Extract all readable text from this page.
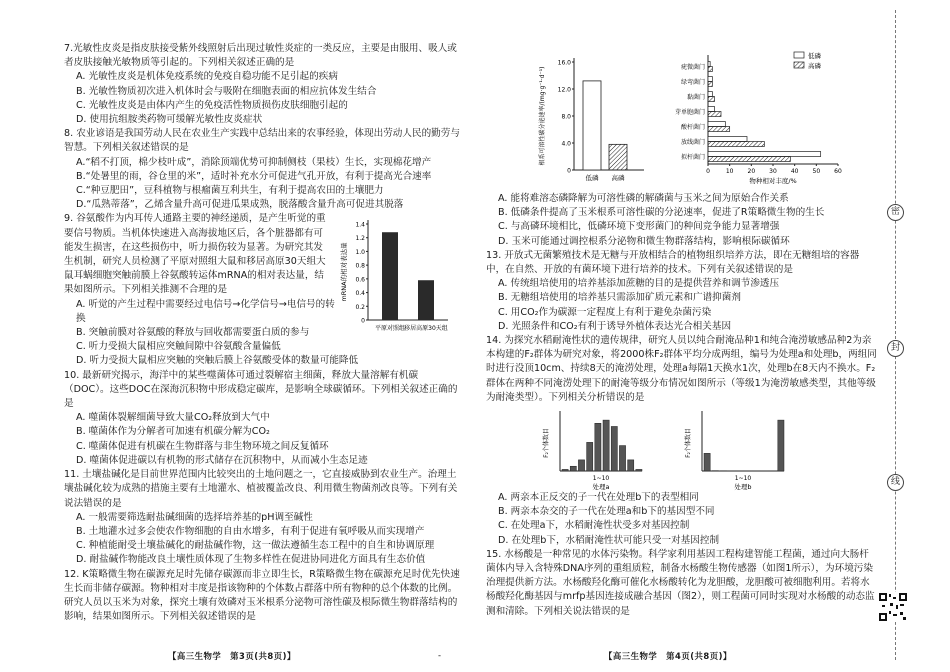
7.光敏性皮炎是指皮肤接受紫外线照射后出现过敏性炎症的一类反应，主要是由服用、吸人或者皮肤接触光敏物质等引起的。下列相关叙述正确的是

A. 光敏性皮炎是机体免疫系统的免疫自稳功能不足引起的疾病

B. 光敏性物质初次进入机体时会与吸附在细胞表面的相应抗体发生结合

C. 光敏性皮炎是由体内产生的免疫活性物质损伤皮肤细胞引起的

D. 使用抗组胺类药物可缓解光敏性皮炎症状

8. 农业谚语是我国劳动人民在农业生产实践中总结出来的农事经验，体现出劳动人民的勤劳与智慧。下列相关叙述错误的是

A.“稻不打顶，棉少枝叶成”，消除顶端优势可抑制侧枝（果枝）生长，实现棉花增产

B.“处暑里的雨，谷仓里的米”，适时补充水分可促进气孔开放，有利于提高光合速率

C.“种豆肥田”，豆科植物与根瘤菌互利共生，有利于提高农田的土壤肥力

D.“瓜熟蒂落”，乙烯含量升高可促进瓜果成熟，脱落酸含量升高可促进其脱落

9. 谷氨酸作为内耳传人通路主要的神经递质，是产生听觉的重要信号物质。当机体快速进入高海拔地区后，各个脏器都有可能发生损害，在这些损伤中，听力损伤较为显著。为研究其发生机制，研究人员检测了平原对照组大鼠和移居高原30天组大鼠耳蜗细胞突触前膜上谷氨酸转运体mRNA的相对表达量，结果如图所示。下列相关推测不合理的是

0
0.2
0.4
0.6
0.8
1.0
1.2
1.4
mRNA的相对表达量
平原对照组 移居高原30天组

A. 听觉的产生过程中需要经过电信号→化学信号→电信号的转换

B. 突触前膜对谷氨酸的释放与回收都需要蛋白质的参与

C. 听力受损大鼠相应突触间隙中谷氨酸含量偏低

D. 听力受损大鼠相应突触的突触后膜上谷氨酸受体的数量可能降低

10. 最新研究揭示，海洋中的某些噬菌体可通过裂解宿主细菌，释放大量溶解有机碳（DOC）。这些DOC在深海沉积物中形成稳定碳库，是影响全球碳循环。下列相关叙述正确的是

A. 噬菌体裂解细菌导致大量CO₂释放到大气中

B. 噬菌体作为分解者可加速有机碳分解为CO₂

C. 噬菌体促进有机碳在生物群落与非生物环境之间反复循环

D. 噬菌体促进碳以有机物的形式储存在沉积物中，从而减小生态足迹

11. 土壤盐碱化是目前世界范围内比较突出的土地问题之一，它直接威胁到农业生产。治理土壤盐碱化较为成熟的措施主要有土地灌水、植被覆盖改良、利用微生物菌剂改良等。下列有关说法错误的是

A. 一般需要筛选耐盐碱细菌的选择培养基的pH调至碱性

B. 土地灌水过多会使农作物细胞的自由水增多，有利于促进有氧呼吸从而实现增产

C. 种植能耐受土壤盐碱化的耐盐碱作物，这一做法遵循生态工程中的自生和协调原理

D. 耐盐碱作物能改良土壤性质体现了生物多样性在促进协同进化方面具有生态价值

12. K策略微生物在碳源充足时先储存碳源而非立即生长，R策略微生物在碳源充足时优先快速生长而非储存碳源。物种相对丰度是指该物种的个体数占群落中所有物种的总个体数的比例。研究人员以玉米为对象，探究土壤有效磷对玉米根系分泌物可溶性碳及根际微生物群落结构的影响，结果如图所示。下列相关叙述错误的是

【高三生物学　第3页(共8页)】	-
0
4.0
8.0
12.0
16.0
根系可溶性碳分泌速率/(mg·g⁻¹·d⁻¹)
低磷 高磷
0	10 20 30 40 50 60
物种相对丰度/%
拟杆菌门
放线菌门
酸杆菌门
芽单胞菌门
黏菌门
绿弯菌门
疣微菌门
低磷
高磷

A. 能将难溶态磷降解为可溶性磷的解磷菌与玉米之间为原始合作关系

B. 低磷条件提高了玉米根系可溶性碳的分泌速率，促进了R策略微生物的生长

C. 与高磷环境相比，低磷环境下变形菌门的种间竞争能力显著增强

D. 玉米可能通过调控根系分泌物和微生物群落结构，影响根际碳循环

13. 开放式无菌繁殖技术是无糖与开放相结合的植物组织培养方法，即在无糖组培的容器中，在自然、开放的有菌环境下进行培养的技术。下列有关叙述错误的是

A. 传统组培使用的培养基添加蔗糖的目的是提供营养和调节渗透压

B. 无糖组培使用的培养基只需添加矿质元素和广谱抑菌剂

C. 用CO₂作为碳源一定程度上有利于避免杂菌污染

D. 光照条件和CO₂有利于诱导外植体表达光合相关基因

14. 为探究水稻耐淹性状的遗传规律，研究人员以纯合耐淹品种1和纯合淹涝敏感品种2为亲本构建的F₂群体为研究对象，将2000株F₂群体平均分成两组，编号为处理a和处理b，两组同时进行没顶10cm、持续8天的淹涝处理，处理a每隔1天换水1次，处理b在8天内不换水。F₂群体在两种不同淹涝处理下的耐淹等级分布情况如图所示（等级1为淹涝敏感类型，其他等级为耐淹类型）。下列相关分析错误的是

F₂个体数目
1~10
处理a
F₂个体数目
1~10
处理b

A. 两亲本正反交的子一代在处理b下的表型相同

B. 两亲本杂交的子一代在处理a和b下的基因型不同

C. 在处理a下，水稻耐淹性状受多对基因控制

D. 在处理b下，水稻耐淹性状可能只受一对基因控制

15. 水杨酸是一种常见的水体污染物。科学家利用基因工程构建智能工程菌，通过向大肠杆菌体内导入含特殊DNA序列的重组质粒，制备水杨酸生物传感器（如图1所示），为环境污染治理提供新方法。水杨酸羟化酶可催化水杨酸转化为龙胆酸，龙胆酸可被细胞利用。若将水杨酸羟化酶基因与mrfp基因连接成融合基因（图2），则工程菌可同时实现对水杨酸的动态监测和清除。下列相关说法错误的是

【高三生物学　第4页(共8页)】
密
封
线
